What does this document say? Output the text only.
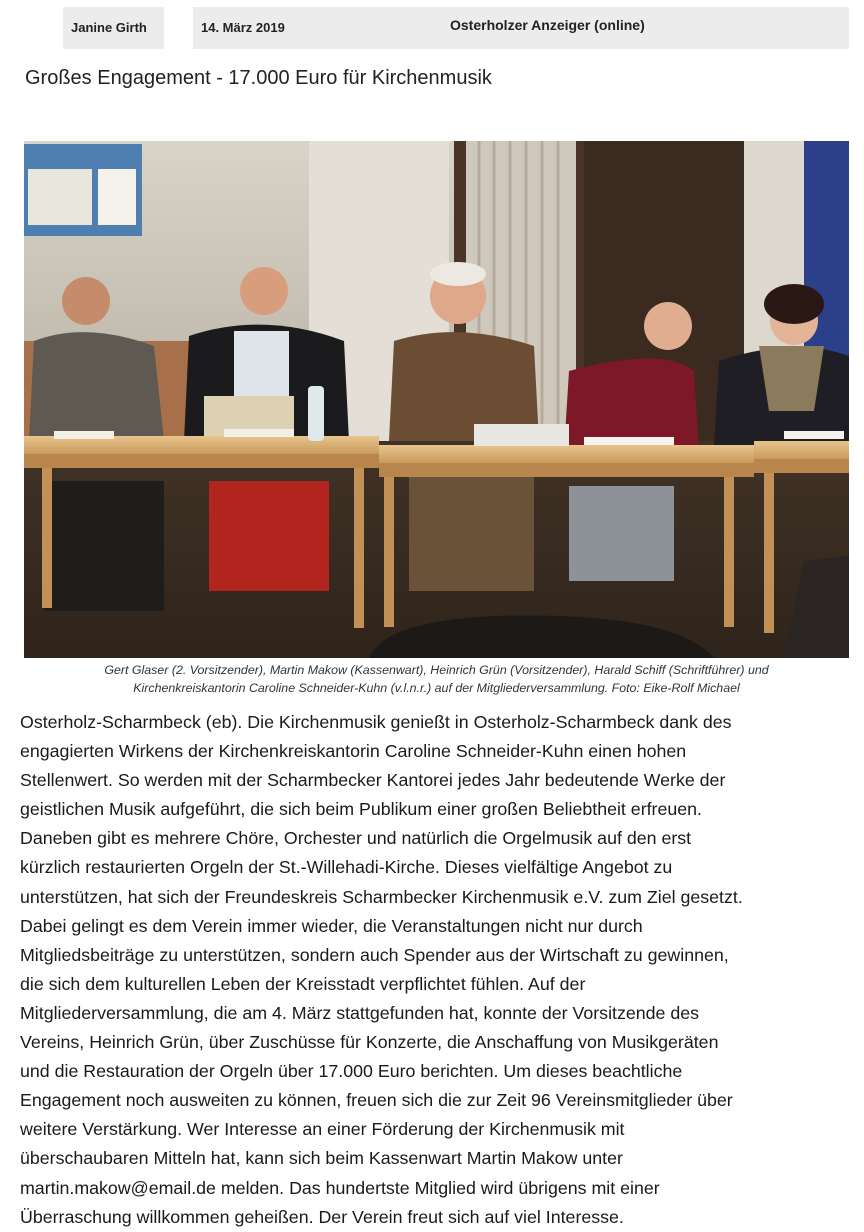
Janine Girth	14. März 2019	Osterholzer Anzeiger (online)
Großes Engagement - 17.000 Euro für Kirchenmusik

Gert Glaser (2. Vorsitzender), Martin Makow (Kassenwart), Heinrich Grün (Vorsitzender), Harald Schiff (Schriftführer) und

Kirchenkreiskantorin Caroline Schneider-Kuhn (v.l.n.r.) auf der Mitgliederversammlung. Foto: Eike-Rolf Michael

Osterholz-Scharmbeck (eb). Die Kirchenmusik genießt in Osterholz-Scharmbeck dank des

engagierten Wirkens der Kirchenkreiskantorin Caroline Schneider-Kuhn einen hohen

Stellenwert. So werden mit der Scharmbecker Kantorei jedes Jahr bedeutende Werke der

geistlichen Musik aufgeführt, die sich beim Publikum einer großen Beliebtheit erfreuen.

Daneben gibt es mehrere Chöre, Orchester und natürlich die Orgelmusik auf den erst

kürzlich restaurierten Orgeln der St.-Willehadi-Kirche. Dieses vielfältige Angebot zu

unterstützen, hat sich der Freundeskreis Scharmbecker Kirchenmusik e.V. zum Ziel gesetzt.

Dabei gelingt es dem Verein immer wieder, die Veranstaltungen nicht nur durch

Mitgliedsbeiträge zu unterstützen, sondern auch Spender aus der Wirtschaft zu gewinnen,

die sich dem kulturellen Leben der Kreisstadt verpflichtet fühlen. Auf der

Mitgliederversammlung, die am 4. März stattgefunden hat, konnte der Vorsitzende des

Vereins, Heinrich Grün, über Zuschüsse für Konzerte, die Anschaffung von Musikgeräten

und die Restauration der Orgeln über 17.000 Euro berichten. Um dieses beachtliche

Engagement noch ausweiten zu können, freuen sich die zur Zeit 96 Vereinsmitglieder über

weitere Verstärkung. Wer Interesse an einer Förderung der Kirchenmusik mit

überschaubaren Mitteln hat, kann sich beim Kassenwart Martin Makow unter

martin.makow@email.de melden. Das hundertste Mitglied wird übrigens mit einer

Überraschung willkommen geheißen. Der Verein freut sich auf viel Interesse.
